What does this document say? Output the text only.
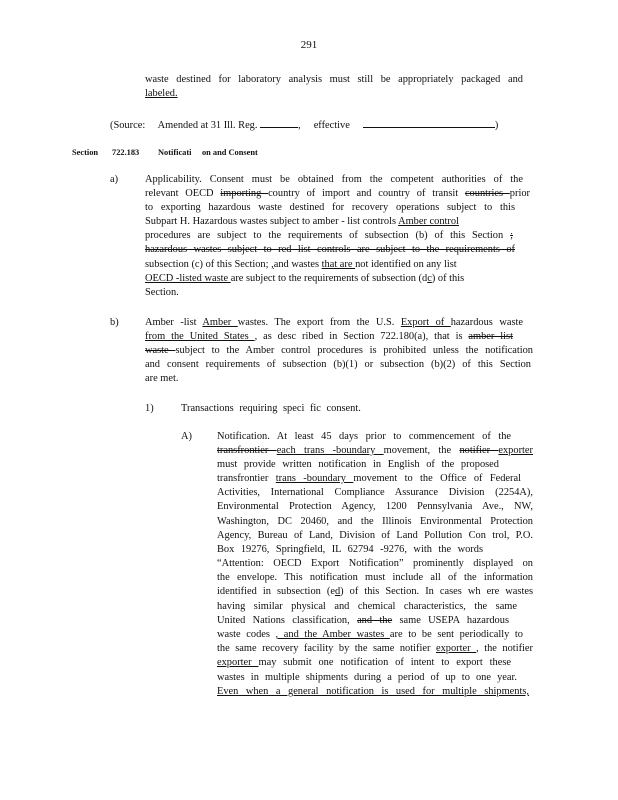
291
waste destined for laboratory analysis must still be appropriately packaged and
labeled.
(Source: Amended at 31 Ill. Reg.	, effective	)
Section 722.183 Notificati on and Consent
a)	Applicability. Consent must be obtained from the competent authorities of the
relevant OECD importing country of import and country of transit countries prior
to exporting hazardous waste destined for recovery operations subject to this
Subpart H. Hazardous wastes subject to amber - list controls Amber control
procedures are subject to the requirements of subsection (b) of this Section ;
hazardous wastes subject to red list controls are subject to the requirements of
subsection (c) of this Section; ,and wastes that are not identified on any list
OECD -listed waste are subject to the requirements of subsection (dc) of this
Section.
b)	Amber -list Amber wastes. The export from the U.S. Export of hazardous waste
from the United States , as desc ribed in Section 722.180(a), that is amber list
waste subject to the Amber control procedures is prohibited unless the notification
and consent requirements of subsection (b)(1) or subsection (b)(2) of this Section
are met.
1)	Transactions requiring speci fic consent.
A) Notification. At least 45 days prior to commencement of the
transfrontier each trans -boundary movement, the notifier exporter
must provide written notification in English of the proposed
transfrontier trans -boundary movement to the Office of Federal
Activities, International Compliance Assurance Division (2254A),
Environmental Protection Agency, 1200 Pennsylvania Ave., NW,
Washington, DC 20460, and the Illinois Environmental Protection
Agency, Bureau of Land, Division of Land Pollution Con trol, P.O.
Box 19276, Springfield, IL 62794 -9276, with the words
“Attention: OECD Export Notification” prominently displayed on
the envelope. This notification must include all of the information
identified in subsection (ed) of this Section. In cases wh ere wastes
having similar physical and chemical characteristics, the same
United Nations classification, and the same USEPA hazardous
waste codes , and the Amber wastes are to be sent periodically to
the same recovery facility by the same notifier exporter , the notifier
exporter may submit one notification of intent to export these
wastes in multiple shipments during a period of up to one year.
Even when a general notification is used for multiple shipments,
